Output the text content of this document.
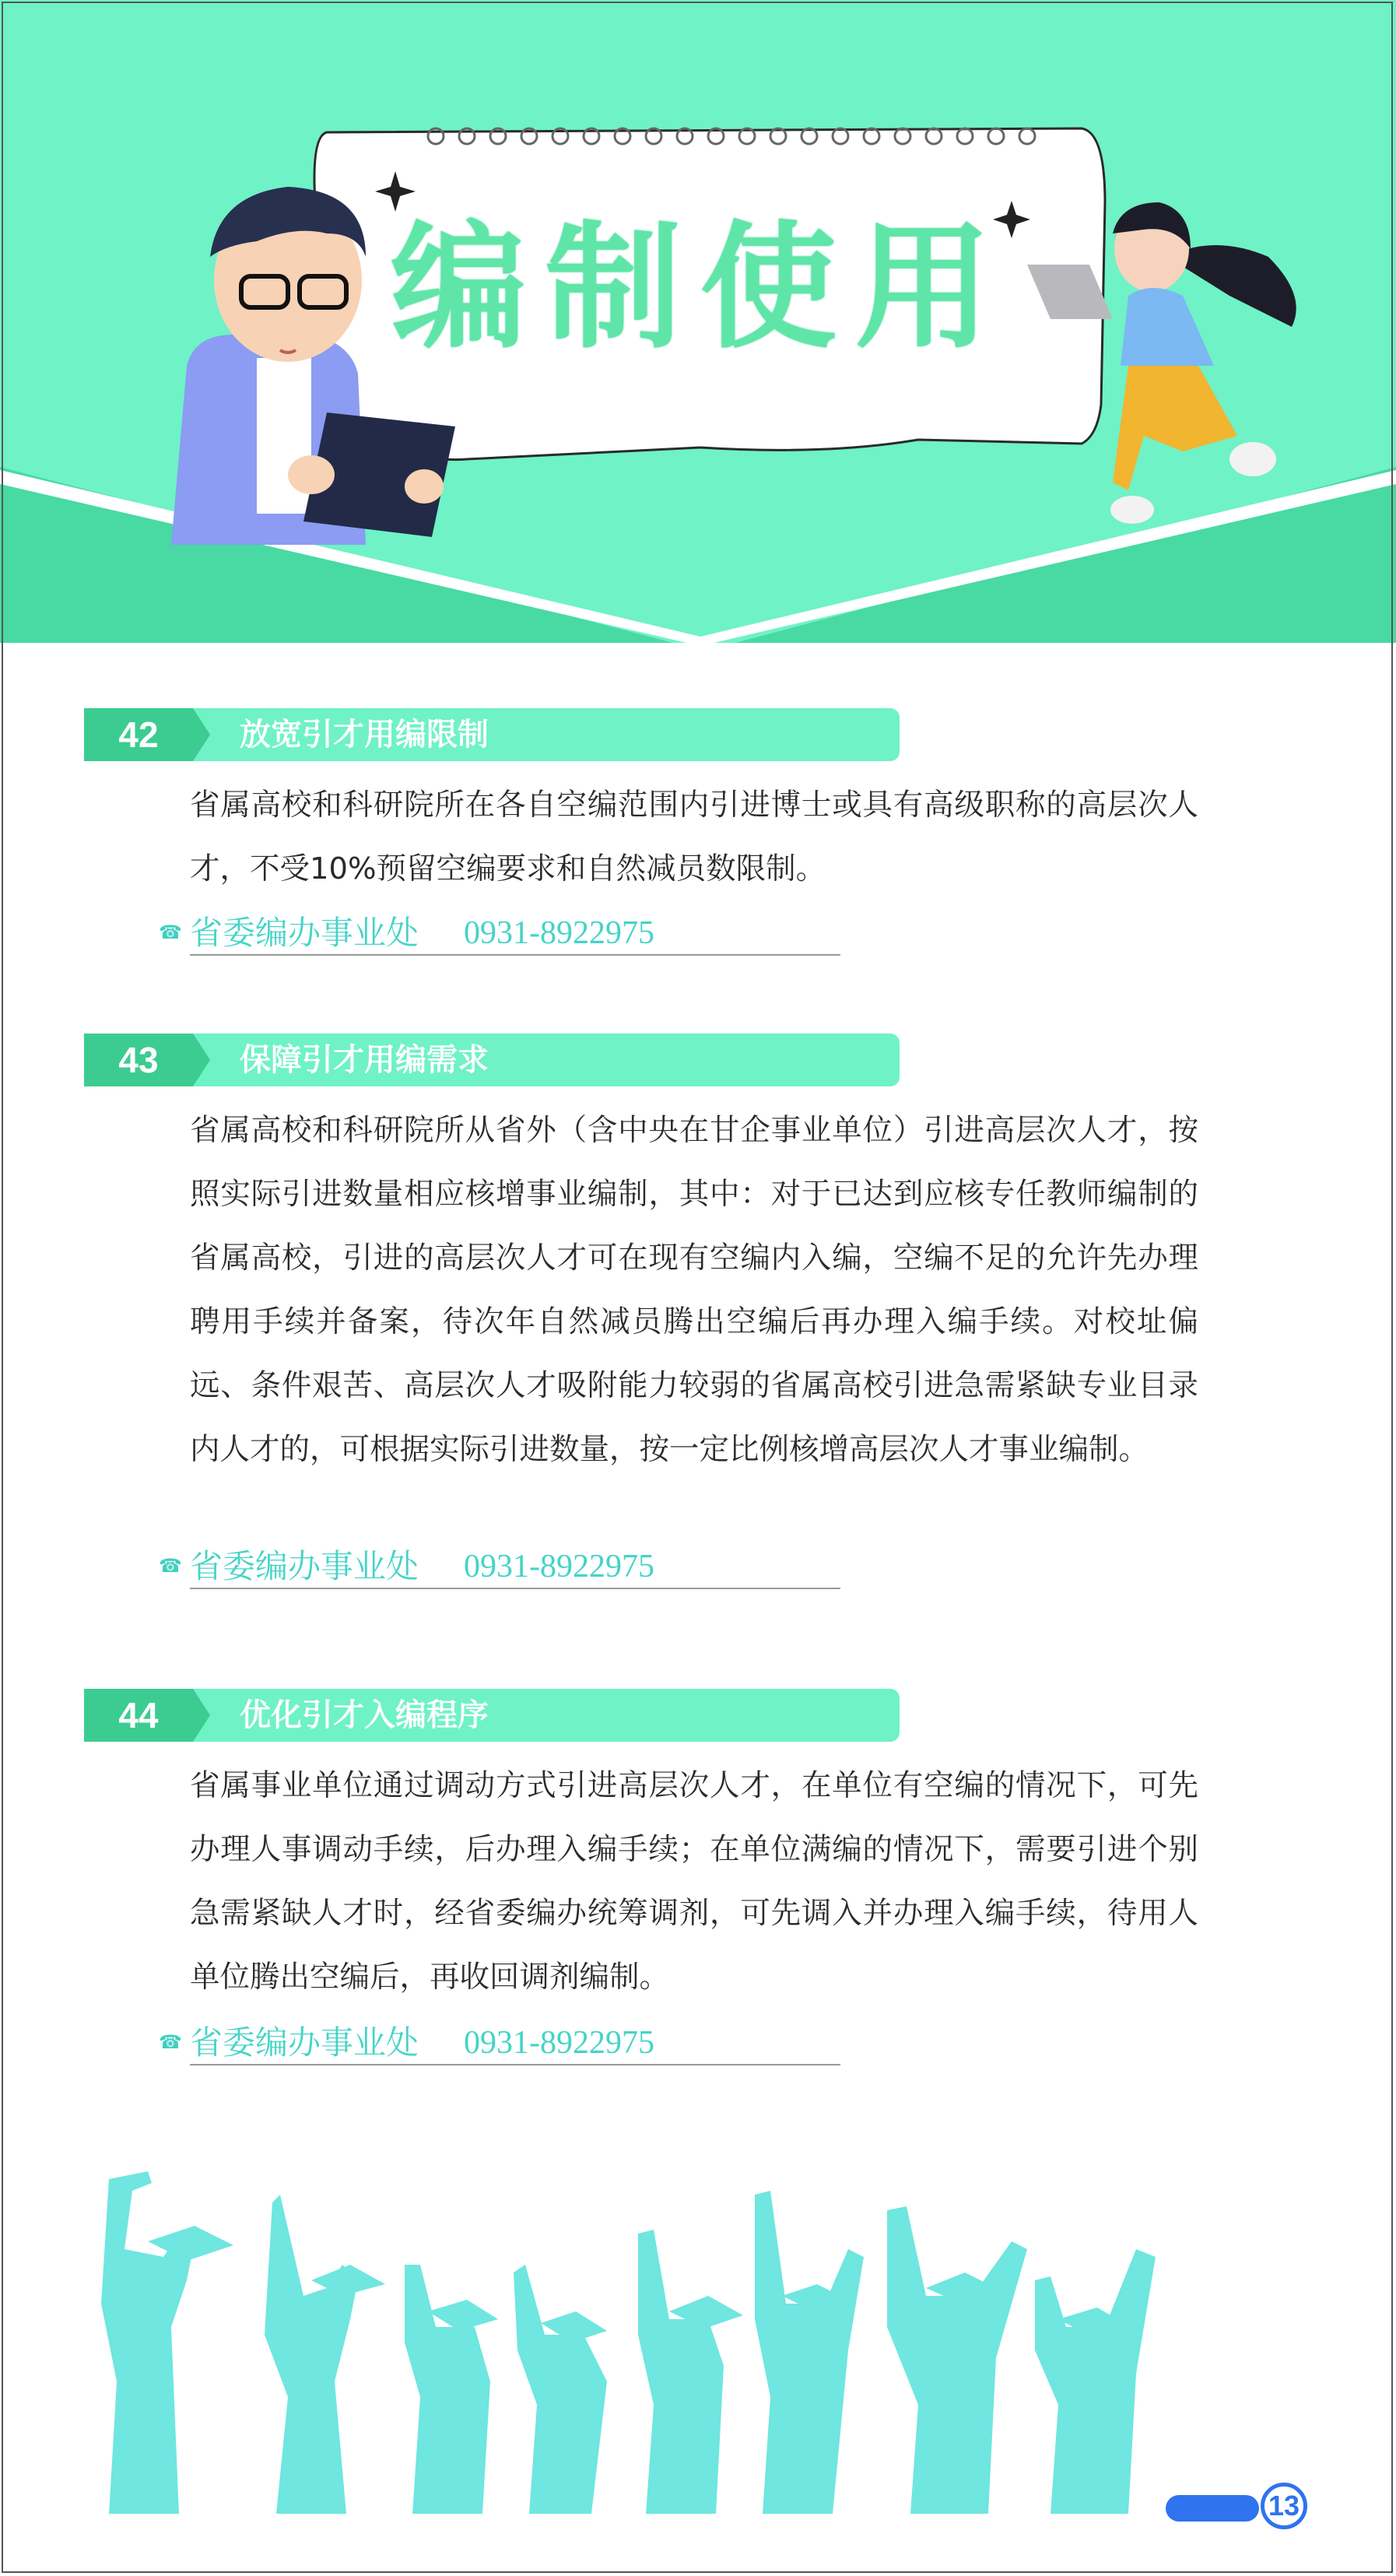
编制使用
42	放宽引才用编限制
省属高校和科研院所在各自空编范围内引进博士或具有高级职称的高层次人才，不受10%预留空编要求和自然减员数限制。
☎ 省委编办事业处 0931-8922975
43	保障引才用编需求
省属高校和科研院所从省外（含中央在甘企事业单位）引进高层次人才，按照实际引进数量相应核增事业编制，其中：对于已达到应核专任教师编制的省属高校，引进的高层次人才可在现有空编内入编，空编不足的允许先办理聘用手续并备案，待次年自然减员腾出空编后再办理入编手续。对校址偏远、条件艰苦、高层次人才吸附能力较弱的省属高校引进急需紧缺专业目录内人才的，可根据实际引进数量，按一定比例核增高层次人才事业编制。
☎ 省委编办事业处 0931-8922975
44	优化引才入编程序
省属事业单位通过调动方式引进高层次人才，在单位有空编的情况下，可先办理人事调动手续，后办理入编手续；在单位满编的情况下，需要引进个别急需紧缺人才时，经省委编办统筹调剂，可先调入并办理入编手续，待用人单位腾出空编后，再收回调剂编制。
☎ 省委编办事业处 0931-8922975
13
